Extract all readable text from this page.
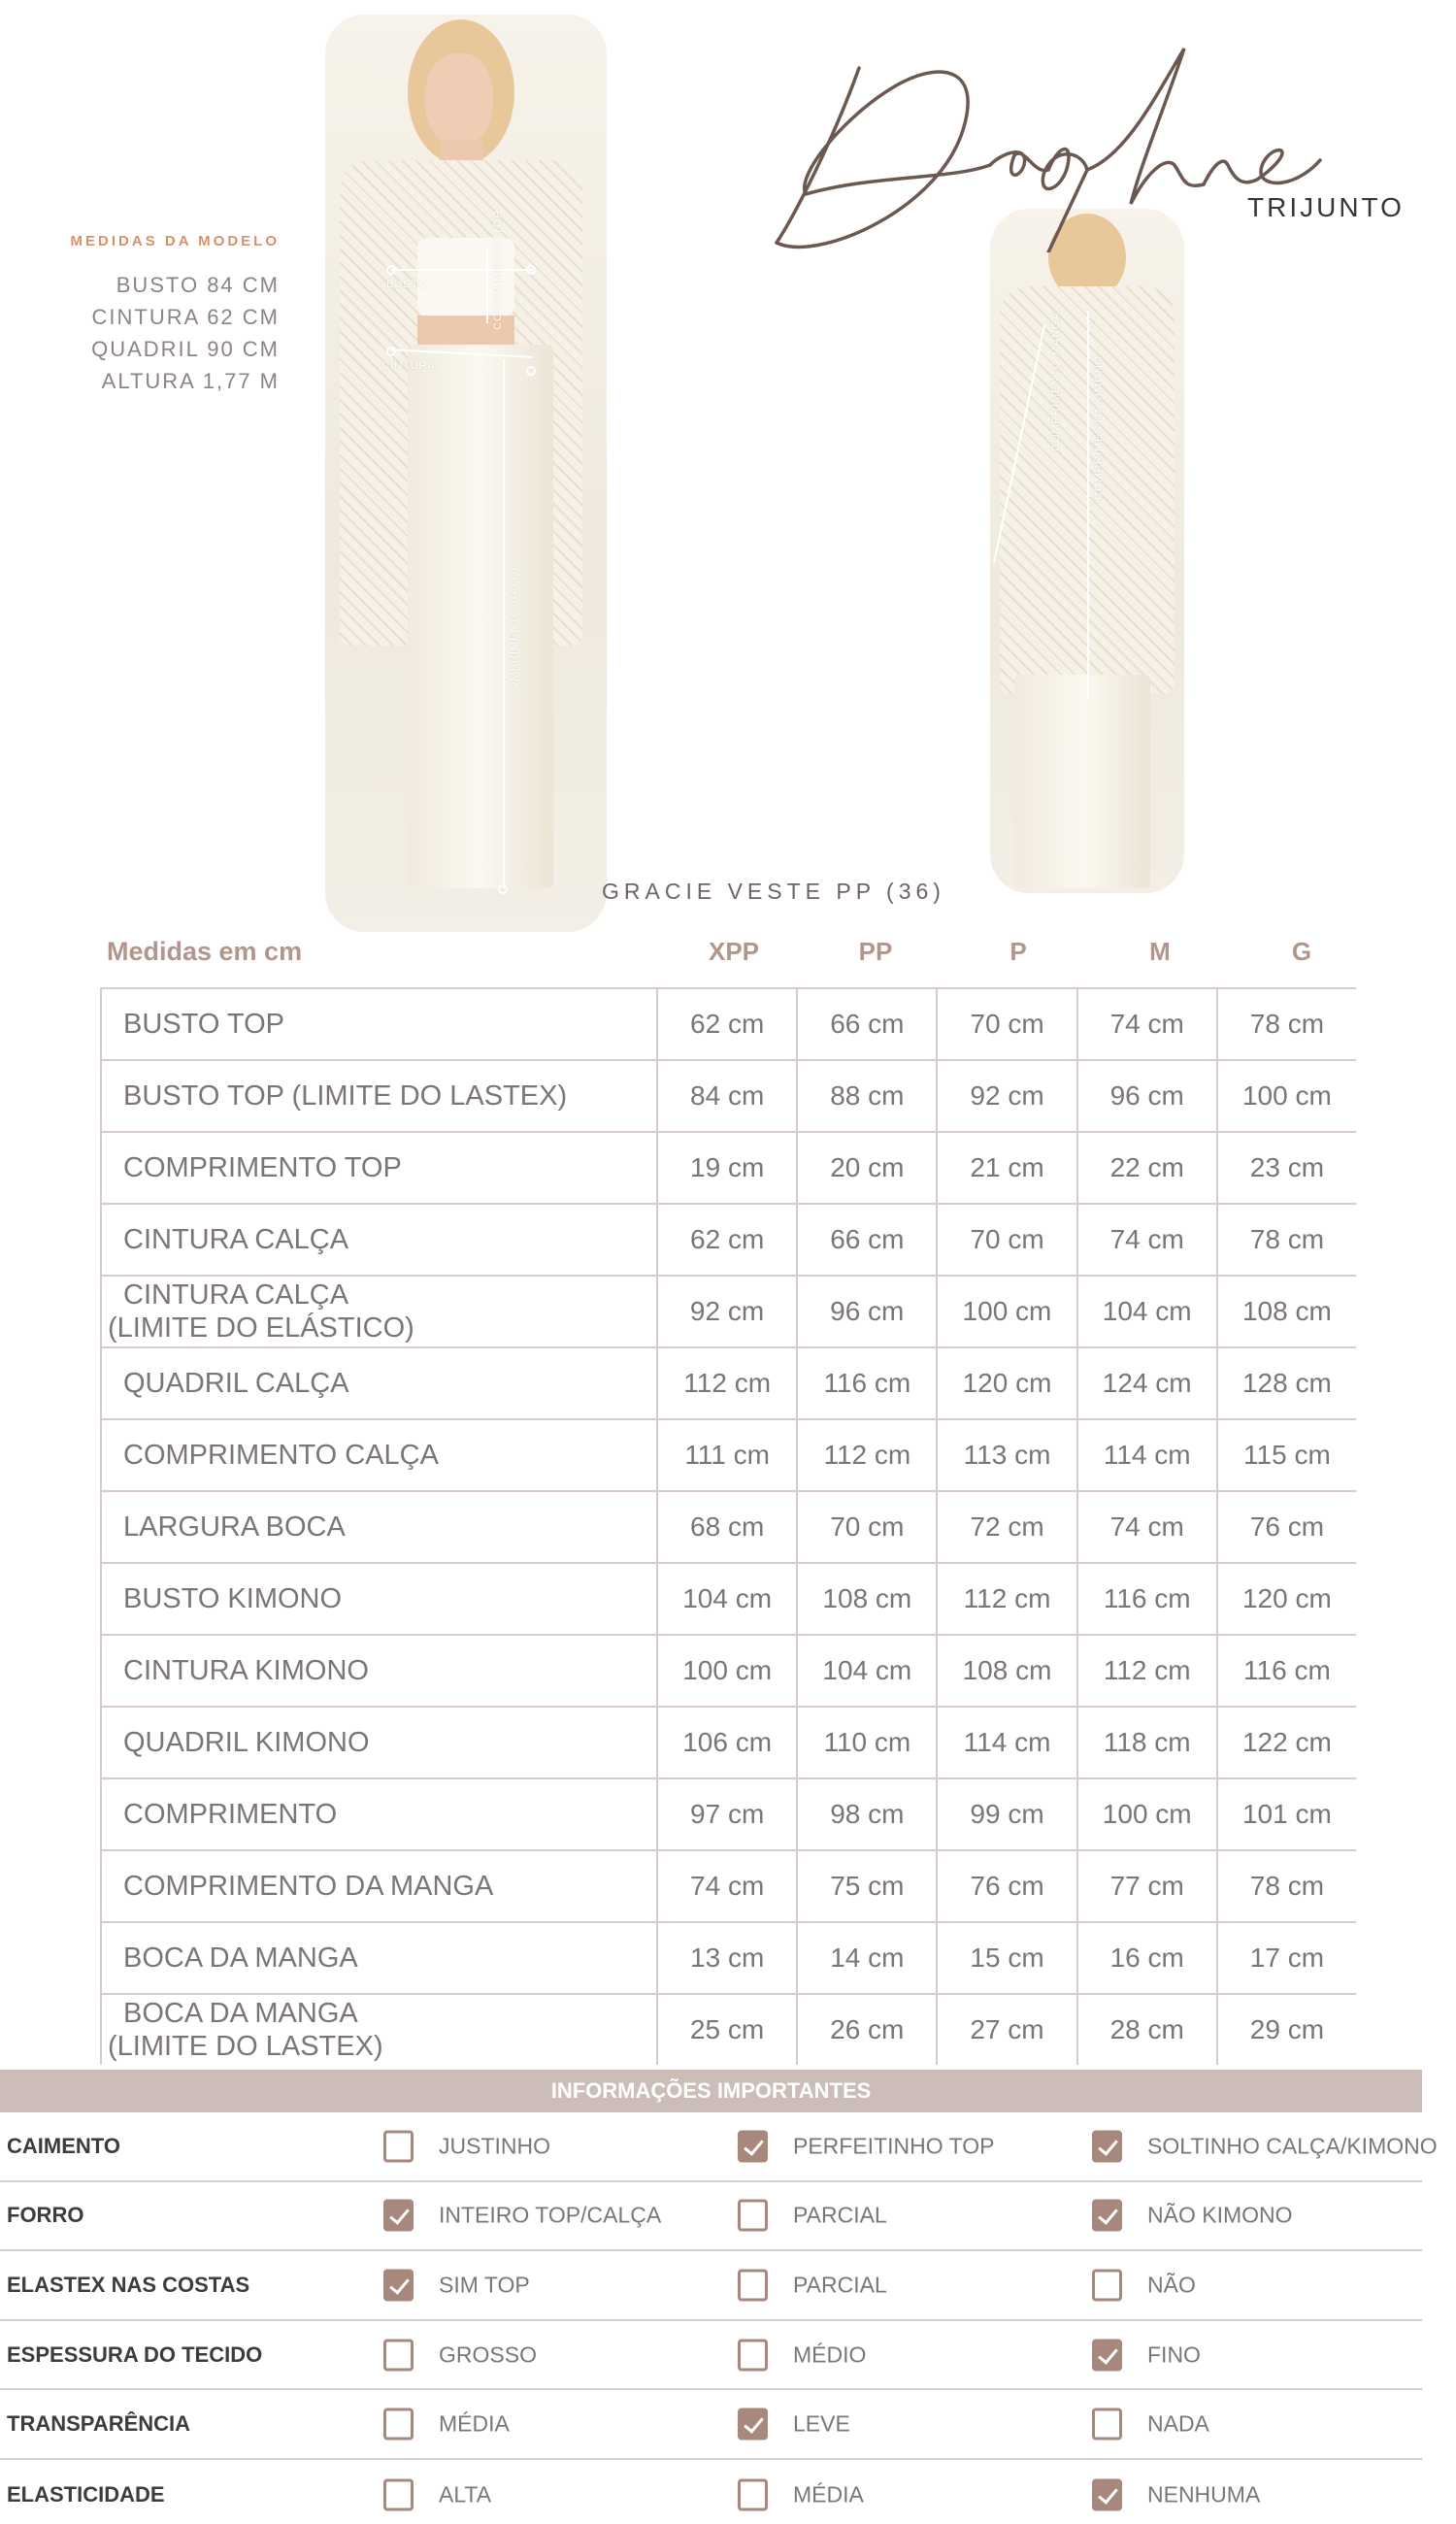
MEDIDAS DA MODELO
BUSTO 84 CM
CINTURA 62 CM
QUADRIL 90 CM
ALTURA 1,77 M
BUSTO	COMPRIMENTO TOP
CINTURA
COMPRIMENTO CALÇA
COMPRIMENTO MANGA	COMPRIMENTO KIMONO
TRIJUNTO
GRACIE VESTE PP (36)
Medidas em cm	XPP	PP	P	M	G
BUSTO TOP	62 cm	66 cm	70 cm	74 cm	78 cm
BUSTO TOP (LIMITE DO LASTEX)	84 cm	88 cm	92 cm	96 cm	100 cm
COMPRIMENTO TOP	19 cm	20 cm	21 cm	22 cm	23 cm
CINTURA CALÇA	62 cm	66 cm	70 cm	74 cm	78 cm
CINTURA CALÇA
(LIMITE DO ELÁSTICO)
92 cm	96 cm	100 cm	104 cm	108 cm
QUADRIL CALÇA	112 cm	116 cm	120 cm	124 cm	128 cm
COMPRIMENTO CALÇA	111 cm	112 cm	113 cm	114 cm	115 cm
LARGURA BOCA	68 cm	70 cm	72 cm	74 cm	76 cm
BUSTO KIMONO	104 cm	108 cm	112 cm	116 cm	120 cm
CINTURA KIMONO	100 cm	104 cm	108 cm	112 cm	116 cm
QUADRIL KIMONO	106 cm	110 cm	114 cm	118 cm	122 cm
COMPRIMENTO	97 cm	98 cm	99 cm	100 cm	101 cm
COMPRIMENTO DA MANGA	74 cm	75 cm	76 cm	77 cm	78 cm
BOCA DA MANGA	13 cm	14 cm	15 cm	16 cm	17 cm
BOCA DA MANGA
(LIMITE DO LASTEX)
25 cm	26 cm	27 cm	28 cm	29 cm
INFORMAÇÕES IMPORTANTES
CAIMENTO	JUSTINHO	PERFEITINHO TOP	SOLTINHO CALÇA/KIMONO
FORRO	INTEIRO TOP/CALÇA	PARCIAL	NÃO KIMONO
ELASTEX NAS COSTAS	SIM TOP	PARCIAL	NÃO
ESPESSURA DO TECIDO	GROSSO	MÉDIO	FINO
TRANSPARÊNCIA	MÉDIA	LEVE	NADA
ELASTICIDADE	ALTA	MÉDIA	NENHUMA
